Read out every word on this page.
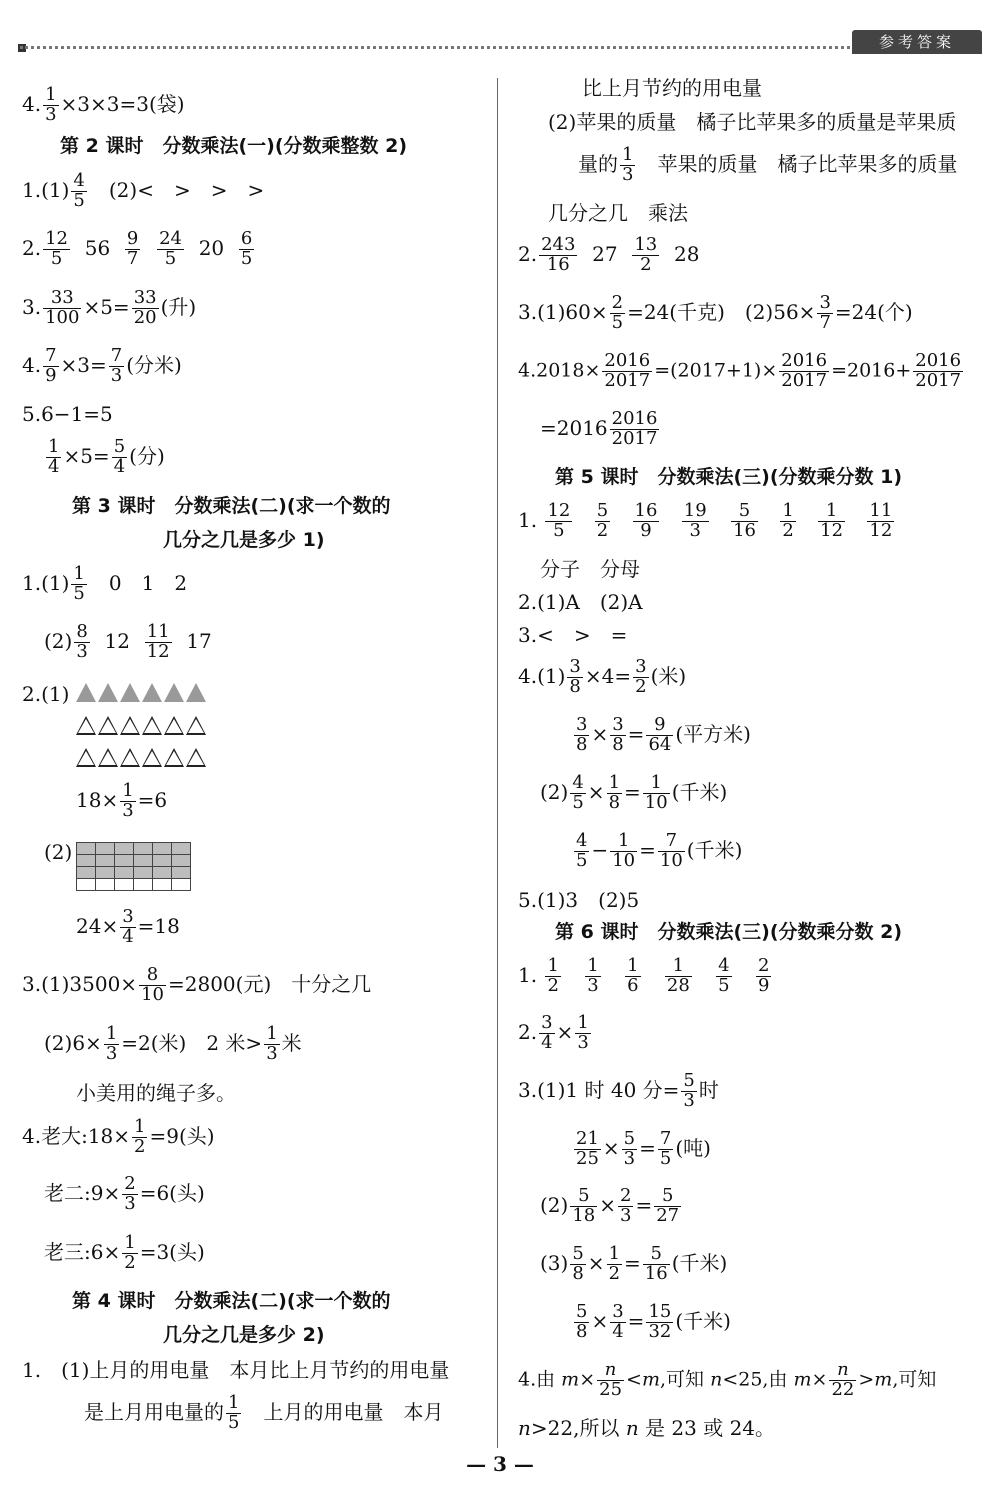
参考答案
4. $\frac{1}{3} \times 3\times 3=3$(袋)
第 2 课时　分数乘法(一)(分数乘整数 2)
$1.(1) \frac{4}{5}$ 　(2)<　>　>　>
2. $\frac{12}{5} 56 \frac{9}{7}$
$\frac{24}{5} 20 \frac{6}{5}$
3. $\frac{33}{100} \times 5= \frac{33}{20}$ (升)
4. $\frac{7}{9} \times 3= \frac{7}{3}$ (分米)
5.6−1=5
$\frac{1}{4} \times 5= \frac{5}{4}$ (分)
第 3 课时　分数乘法(二)(求一个数的
几分之几是多少 1)
$1.(1) \frac{1}{5}$ 　0　1　2
$(2) \frac{8}{3} 12 \frac{11}{12} 17$
2.(1)
$18\times \frac{1}{3} =6$
(2)
$24\times \frac{3}{4} =18$
$3.(1)3500\times \frac{8}{10} =2800$(元)　十分之几
$(2)6\times \frac{1}{3} =2$(米)　2 米> $\frac{1}{3}$ 米
小美用的绳子多。
4.老大:18× $\frac{1}{2} =9$(头)
老二:9× $\frac{2}{3} =6$(头)
老三:6× $\frac{1}{2} =3$(头)
第 4 课时　分数乘法(二)(求一个数的
几分之几是多少 2)
1.　(1)上月的用电量　本月比上月节约的用电量
是上月用电量的 $\frac{1}{5}$ 　上月的用电量　本月
比上月节约的用电量
(2)苹果的质量　橘子比苹果多的质量是苹果质
量的 $\frac{1}{3}$ 　苹果的质量　橘子比苹果多的质量
几分之几　乘法
2. $\frac{243}{16} 27 \frac{13}{2} 28$
$3.(1)60\times \frac{2}{5} =24$(千克)　$(2)56\times \frac{3}{7} =24$(个)
$4.2018\times \frac{2016}{2017} =(2017+1)\times \frac{2016}{2017} =2016+ \frac{2016}{2017}$
$=2016 \frac{2016}{2017}$
第 5 课时　分数乘法(三)(分数乘分数 1)
1. $\frac{12}{5}$
$\frac{5}{2}$
$\frac{16}{9}$
$\frac{19}{3}$
$\frac{5}{16}$
$\frac{1}{2}$
$\frac{1}{12}$
$\frac{11}{12}$
分子　分母
2.(1)A　(2)A
3.<　>　=
$4.(1) \frac{3}{8} \times 4= \frac{3}{2}$ (米)
$\frac{3}{8} \times \frac{3}{8} = \frac{9}{64}$ (平方米)
$(2) \frac{4}{5} \times \frac{1}{8} = \frac{1}{10}$ (千米)
$\frac{4}{5} - \frac{1}{10} = \frac{7}{10}$ (千米)
5.(1)3　(2)5
第 6 课时　分数乘法(三)(分数乘分数 2)
1. $\frac{1}{2}$
$\frac{1}{3}$
$\frac{1}{6}$
$\frac{1}{28}$
$\frac{4}{5}$
$\frac{2}{9}$
2. $\frac{3}{4} \times \frac{1}{3}$
3.(1)1 时 40 分= $\frac{5}{3}$ 时
$\frac{21}{25} \times \frac{5}{3} = \frac{7}{5}$ (吨)
$(2) \frac{5}{18} \times \frac{2}{3} = \frac{5}{27}$
$(3) \frac{5}{8} \times \frac{1}{2} = \frac{5}{16}$ (千米)
$\frac{5}{8} \times \frac{3}{4} = \frac{15}{32}$ (千米)
4.由 $m\times \frac{n}{25} <m$,可知 n<25,由 $m\times \frac{n}{22} >m$,可知
n>22,所以 n 是 23 或 24。
— 3 —
